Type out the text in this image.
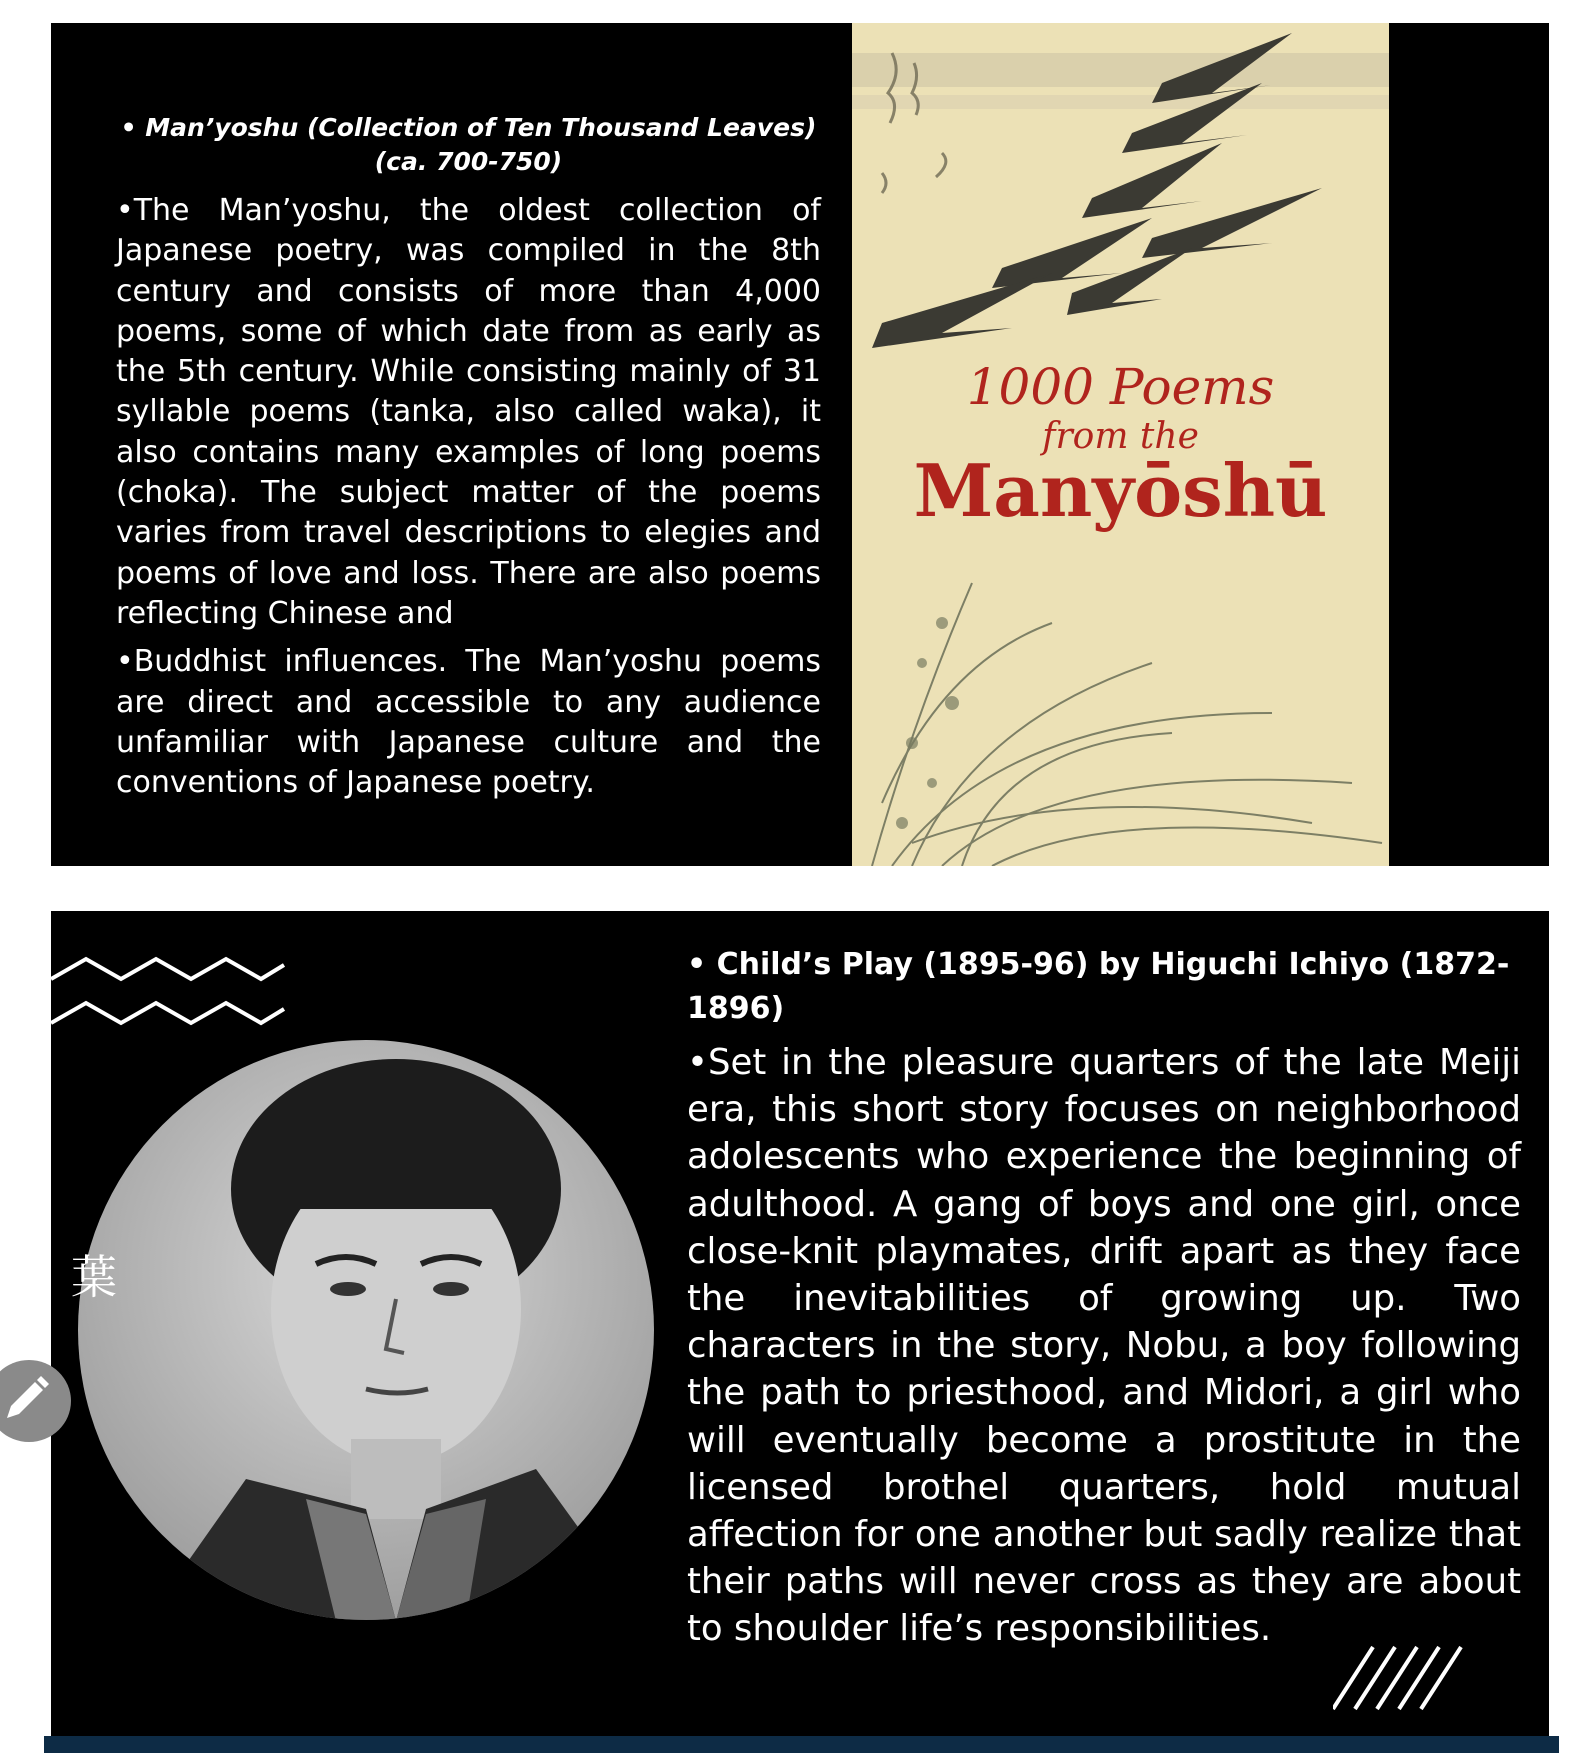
• Man’yoshu (Collection of Ten Thousand Leaves) (ca. 700-750)

•The Man’yoshu, the oldest collection of Japanese poetry, was compiled in the 8th century and consists of more than 4,000 poems, some of which date from as early as the 5th century. While consisting mainly of 31 syllable poems (tanka, also called waka), it also contains many examples of long poems (choka). The subject matter of the poems varies from travel descriptions to elegies and poems of love and loss. There are also poems reflecting Chinese and

•Buddhist influences. The Man’yoshu poems are direct and accessible to any audience unfamiliar with Japanese culture and the conventions of Japanese poetry.

1000 Poems
from the
Manyōshū
葉

• Child’s Play (1895-96) by Higuchi Ichiyo (1872-1896)

•Set in the pleasure quarters of the late Meiji era, this short story focuses on neighborhood adolescents who experience the beginning of adulthood. A gang of boys and one girl, once close-knit playmates, drift apart as they face the inevitabilities of growing up. Two characters in the story, Nobu, a boy following the path to priesthood, and Midori, a girl who will eventually become a prostitute in the licensed brothel quarters, hold mutual affection for one another but sadly realize that their paths will never cross as they are about to shoulder life’s responsibilities.
